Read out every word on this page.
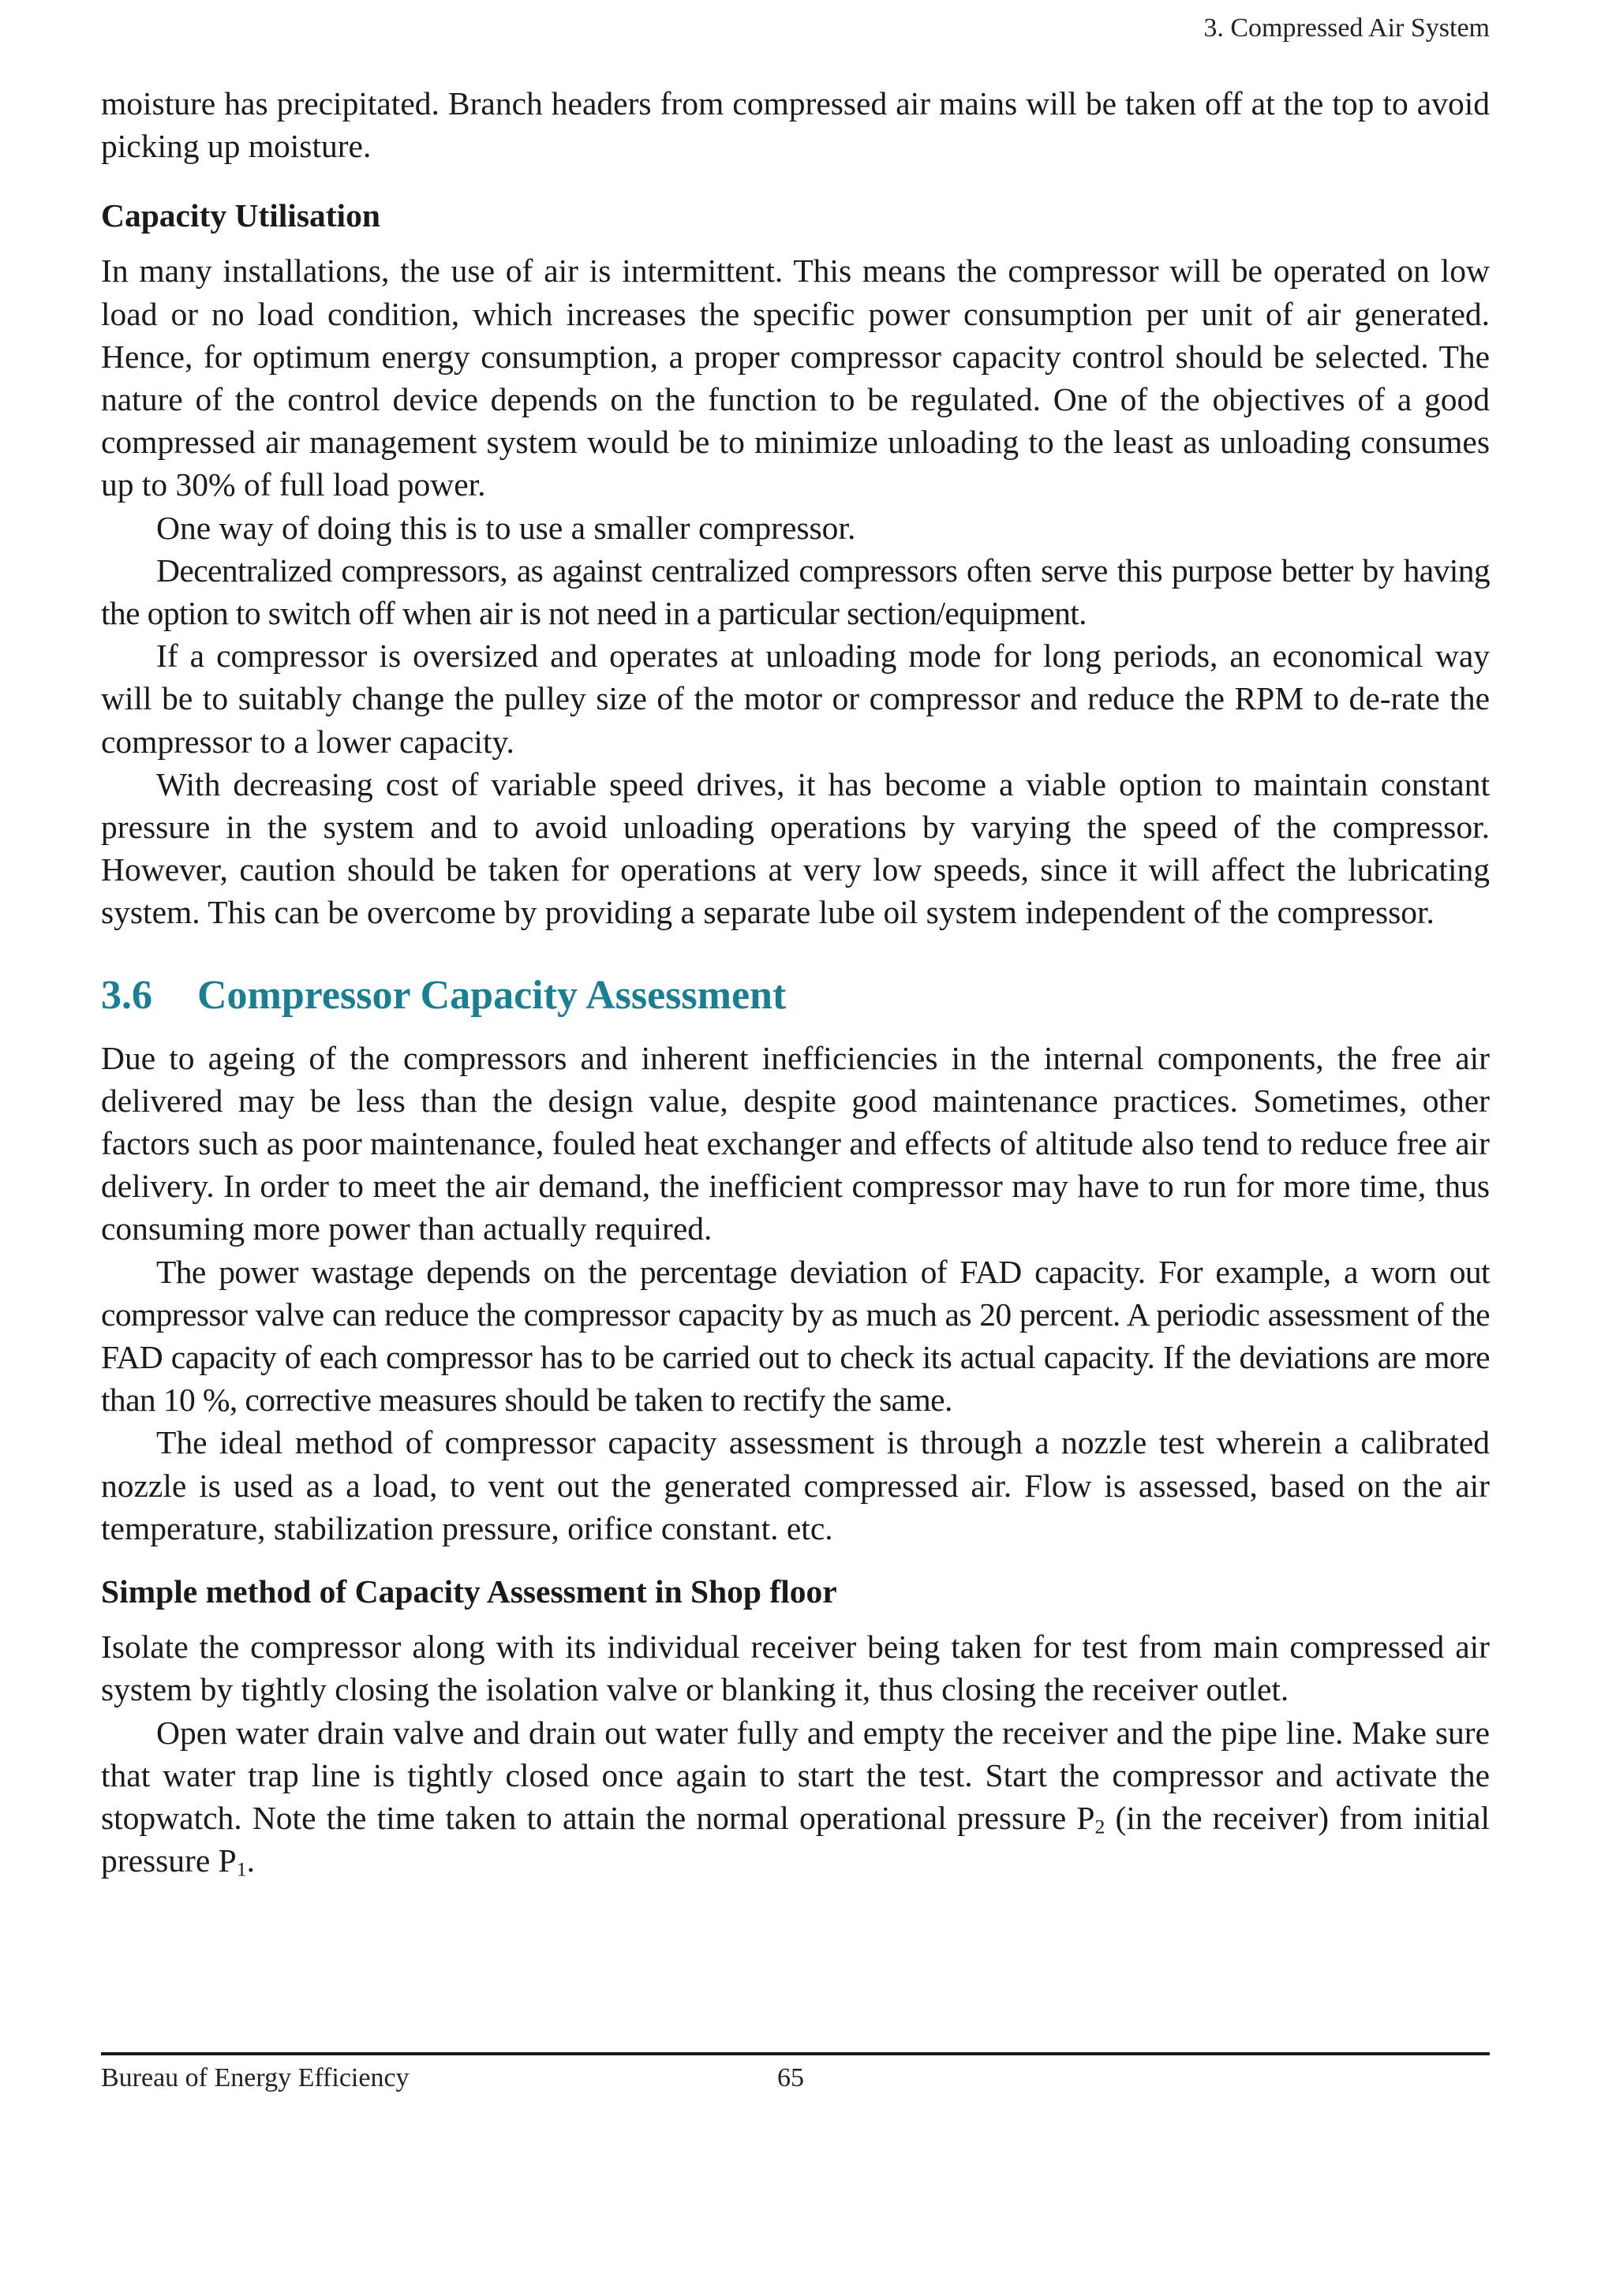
3. Compressed Air System

moisture has precipitated. Branch headers from compressed air mains will be taken off at the top to avoid picking up moisture.

Capacity Utilisation

In many installations, the use of air is intermittent. This means the compressor will be operated on low load or no load condition, which increases the specific power consumption per unit of air generated. Hence, for optimum energy consumption, a proper compressor capacity control should be selected. The nature of the control device depends on the function to be regulated. One of the objectives of a good compressed air management system would be to minimize unloading to the least as unloading consumes up to 30% of full load power.

One way of doing this is to use a smaller compressor.

Decentralized compressors, as against centralized compressors often serve this purpose better by having the option to switch off when air is not need in a particular section/equipment.

If a compressor is oversized and operates at unloading mode for long periods, an economical way will be to suitably change the pulley size of the motor or compressor and reduce the RPM to de-rate the compressor to a lower capacity.

With decreasing cost of variable speed drives, it has become a viable option to maintain constant pressure in the system and to avoid unloading operations by varying the speed of the compressor. However, caution should be taken for operations at very low speeds, since it will affect the lubricating system. This can be overcome by providing a separate lube oil system independent of the compressor.

3.6 Compressor Capacity Assessment

Due to ageing of the compressors and inherent inefficiencies in the internal components, the free air delivered may be less than the design value, despite good maintenance practices. Sometimes, other factors such as poor maintenance, fouled heat exchanger and effects of altitude also tend to reduce free air delivery. In order to meet the air demand, the inefficient compressor may have to run for more time, thus consuming more power than actually required.

The power wastage depends on the percentage deviation of FAD capacity. For example, a worn out compressor valve can reduce the compressor capacity by as much as 20 percent. A periodic assessment of the FAD capacity of each compressor has to be carried out to check its actual capacity. If the deviations are more than 10 %, corrective measures should be taken to rectify the same.

The ideal method of compressor capacity assessment is through a nozzle test wherein a calibrated nozzle is used as a load, to vent out the generated compressed air. Flow is assessed, based on the air temperature, stabilization pressure, orifice constant. etc.

Simple method of Capacity Assessment in Shop floor

Isolate the compressor along with its individual receiver being taken for test from main compressed air system by tightly closing the isolation valve or blanking it, thus closing the receiver outlet.

Open water drain valve and drain out water fully and empty the receiver and the pipe line. Make sure that water trap line is tightly closed once again to start the test. Start the compressor and activate the stopwatch. Note the time taken to attain the normal operational pressure $P_2$ (in the receiver) from initial pressure $P_1$.

Bureau of Energy Efficiency	65
